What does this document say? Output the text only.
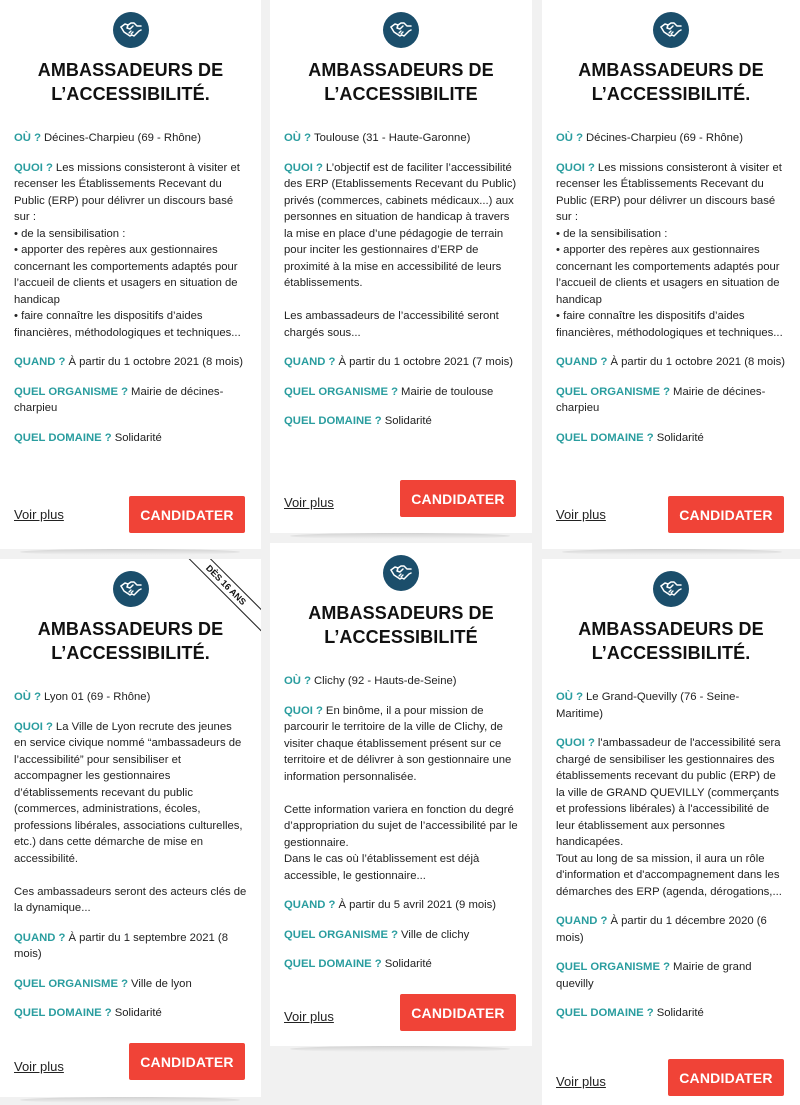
AMBASSADEURS DE
L’ACCESSIBILITÉ.
OÙ ? Décines-Charpieu (69 - Rhône)
QUOI ? Les missions consisteront à visiter et recenser les Établissements Recevant du Public (ERP) pour délivrer un discours basé sur :
• de la sensibilisation :
• apporter des repères aux gestionnaires concernant les comportements adaptés pour l’accueil de clients et usagers en situation de handicap
• faire connaître les dispositifs d’aides financières, méthodologiques et techniques...
QUAND ? À partir du 1 octobre 2021 (8 mois)
QUEL ORGANISME ? Mairie de décines-charpieu
QUEL DOMAINE ? Solidarité
Voir plus	CANDIDATER
AMBASSADEURS DE
L’ACCESSIBILITE
OÙ ? Toulouse (31 - Haute-Garonne)
QUOI ? L’objectif est de faciliter l’accessibilité des ERP (Etablissements Recevant du Public) privés (commerces, cabinets médicaux...) aux personnes en situation de handicap à travers la mise en place d’une pédagogie de terrain pour inciter les gestionnaires d’ERP de proximité à la mise en accessibilité de leurs établissements.

Les ambassadeurs de l’accessibilité seront chargés sous...
QUAND ? À partir du 1 octobre 2021 (7 mois)
QUEL ORGANISME ? Mairie de toulouse
QUEL DOMAINE ? Solidarité
Voir plus	CANDIDATER
AMBASSADEURS DE
L’ACCESSIBILITÉ.
OÙ ? Décines-Charpieu (69 - Rhône)
QUOI ? Les missions consisteront à visiter et recenser les Établissements Recevant du Public (ERP) pour délivrer un discours basé sur :
• de la sensibilisation :
• apporter des repères aux gestionnaires concernant les comportements adaptés pour l’accueil de clients et usagers en situation de handicap
• faire connaître les dispositifs d’aides financières, méthodologiques et techniques...
QUAND ? À partir du 1 octobre 2021 (8 mois)
QUEL ORGANISME ? Mairie de décines-charpieu
QUEL DOMAINE ? Solidarité
Voir plus	CANDIDATER
DÈS 16 ANS
AMBASSADEURS DE
L’ACCESSIBILITÉ.
OÙ ? Lyon 01 (69 - Rhône)
QUOI ? La Ville de Lyon recrute des jeunes en service civique nommé “ambassadeurs de l’accessibilité” pour sensibiliser et accompagner les gestionnaires d’établissements recevant du public (commerces, administrations, écoles, professions libérales, associations culturelles, etc.) dans cette démarche de mise en accessibilité.

Ces ambassadeurs seront des acteurs clés de la dynamique...
QUAND ? À partir du 1 septembre 2021 (8 mois)
QUEL ORGANISME ? Ville de lyon
QUEL DOMAINE ? Solidarité
Voir plus	CANDIDATER
AMBASSADEURS DE
L’ACCESSIBILITÉ
OÙ ? Clichy (92 - Hauts-de-Seine)
QUOI ? En binôme, il a pour mission de parcourir le territoire de la ville de Clichy, de visiter chaque établissement présent sur ce territoire et de délivrer à son gestionnaire une information personnalisée.

Cette information variera en fonction du degré d’appropriation du sujet de l’accessibilité par le gestionnaire.
Dans le cas où l’établissement est déjà accessible, le gestionnaire...
QUAND ? À partir du 5 avril 2021 (9 mois)
QUEL ORGANISME ? Ville de clichy
QUEL DOMAINE ? Solidarité
Voir plus	CANDIDATER
AMBASSADEURS DE
L’ACCESSIBILITÉ.
OÙ ? Le Grand-Quevilly (76 - Seine-Maritime)
QUOI ? l'ambassadeur de l'accessibilité sera chargé de sensibiliser les gestionnaires des établissements recevant du public (ERP) de la ville de GRAND QUEVILLY (commerçants et professions libérales) à l'accessibilité de leur établissement aux personnes handicapées.
Tout au long de sa mission, il aura un rôle d'information et d'accompagnement dans les démarches des ERP (agenda, dérogations,...
QUAND ? À partir du 1 décembre 2020 (6 mois)
QUEL ORGANISME ? Mairie de grand quevilly
QUEL DOMAINE ? Solidarité
Voir plus	CANDIDATER
